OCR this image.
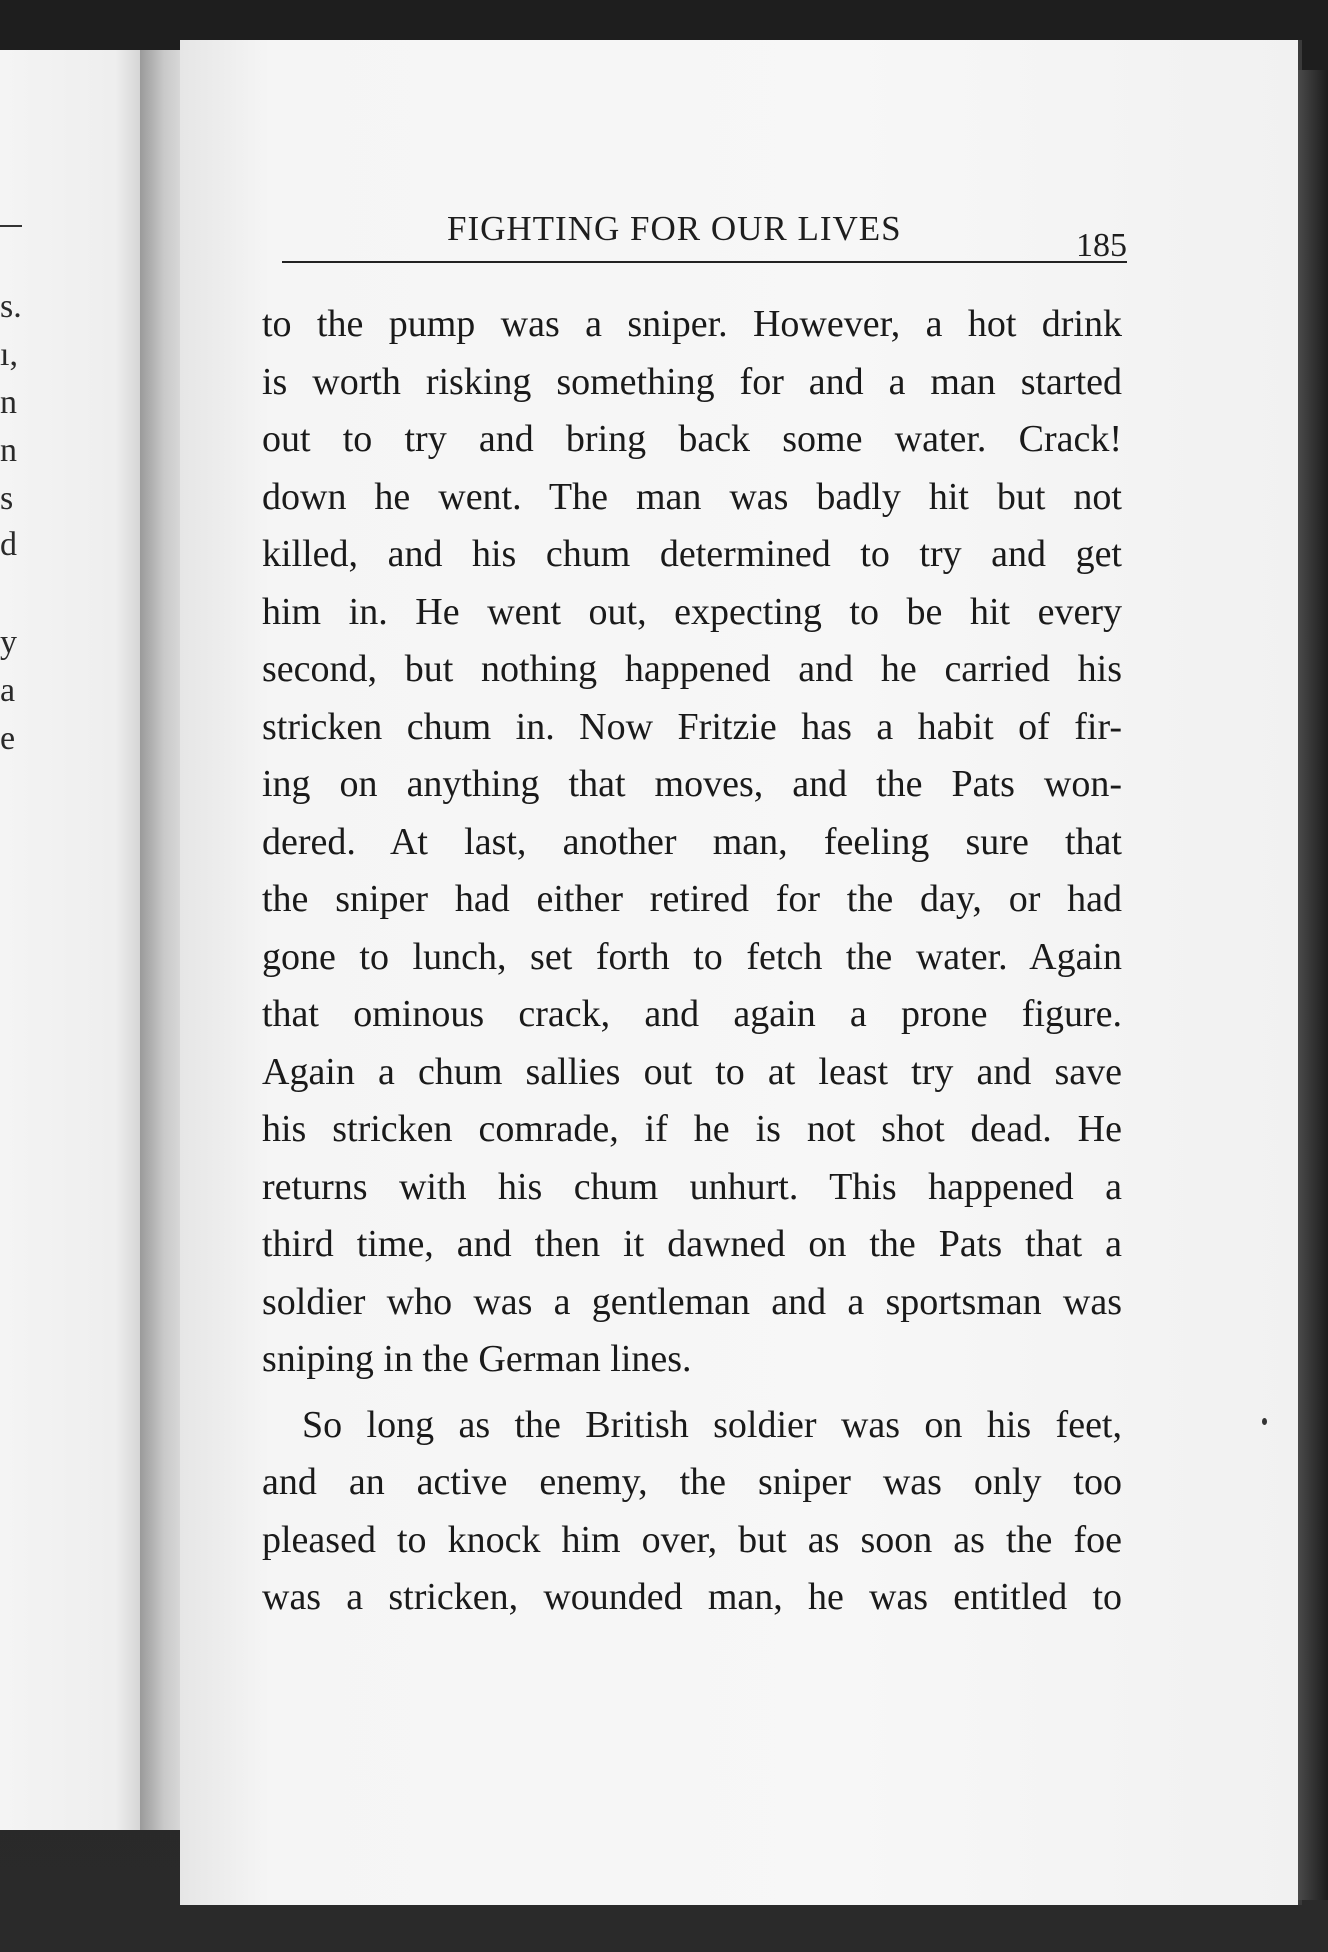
s.
ı,
n
n
s
d
y
a
e
FIGHTING FOR OUR LIVES	185
to the pump was a sniper. However, a hot drink
is worth risking something for and a man started
out to try and bring back some water. Crack!
down he went. The man was badly hit but not
killed, and his chum determined to try and get
him in. He went out, expecting to be hit every
second, but nothing happened and he carried his
stricken chum in. Now Fritzie has a habit of fir-
ing on anything that moves, and the Pats won-
dered. At last, another man, feeling sure that
the sniper had either retired for the day, or had
gone to lunch, set forth to fetch the water. Again
that ominous crack, and again a prone figure.
Again a chum sallies out to at least try and save
his stricken comrade, if he is not shot dead. He
returns with his chum unhurt. This happened a
third time, and then it dawned on the Pats that a
soldier who was a gentleman and a sportsman was
sniping in the German lines.
So long as the British soldier was on his feet,
and an active enemy, the sniper was only too
pleased to knock him over, but as soon as the foe
was a stricken, wounded man, he was entitled to
